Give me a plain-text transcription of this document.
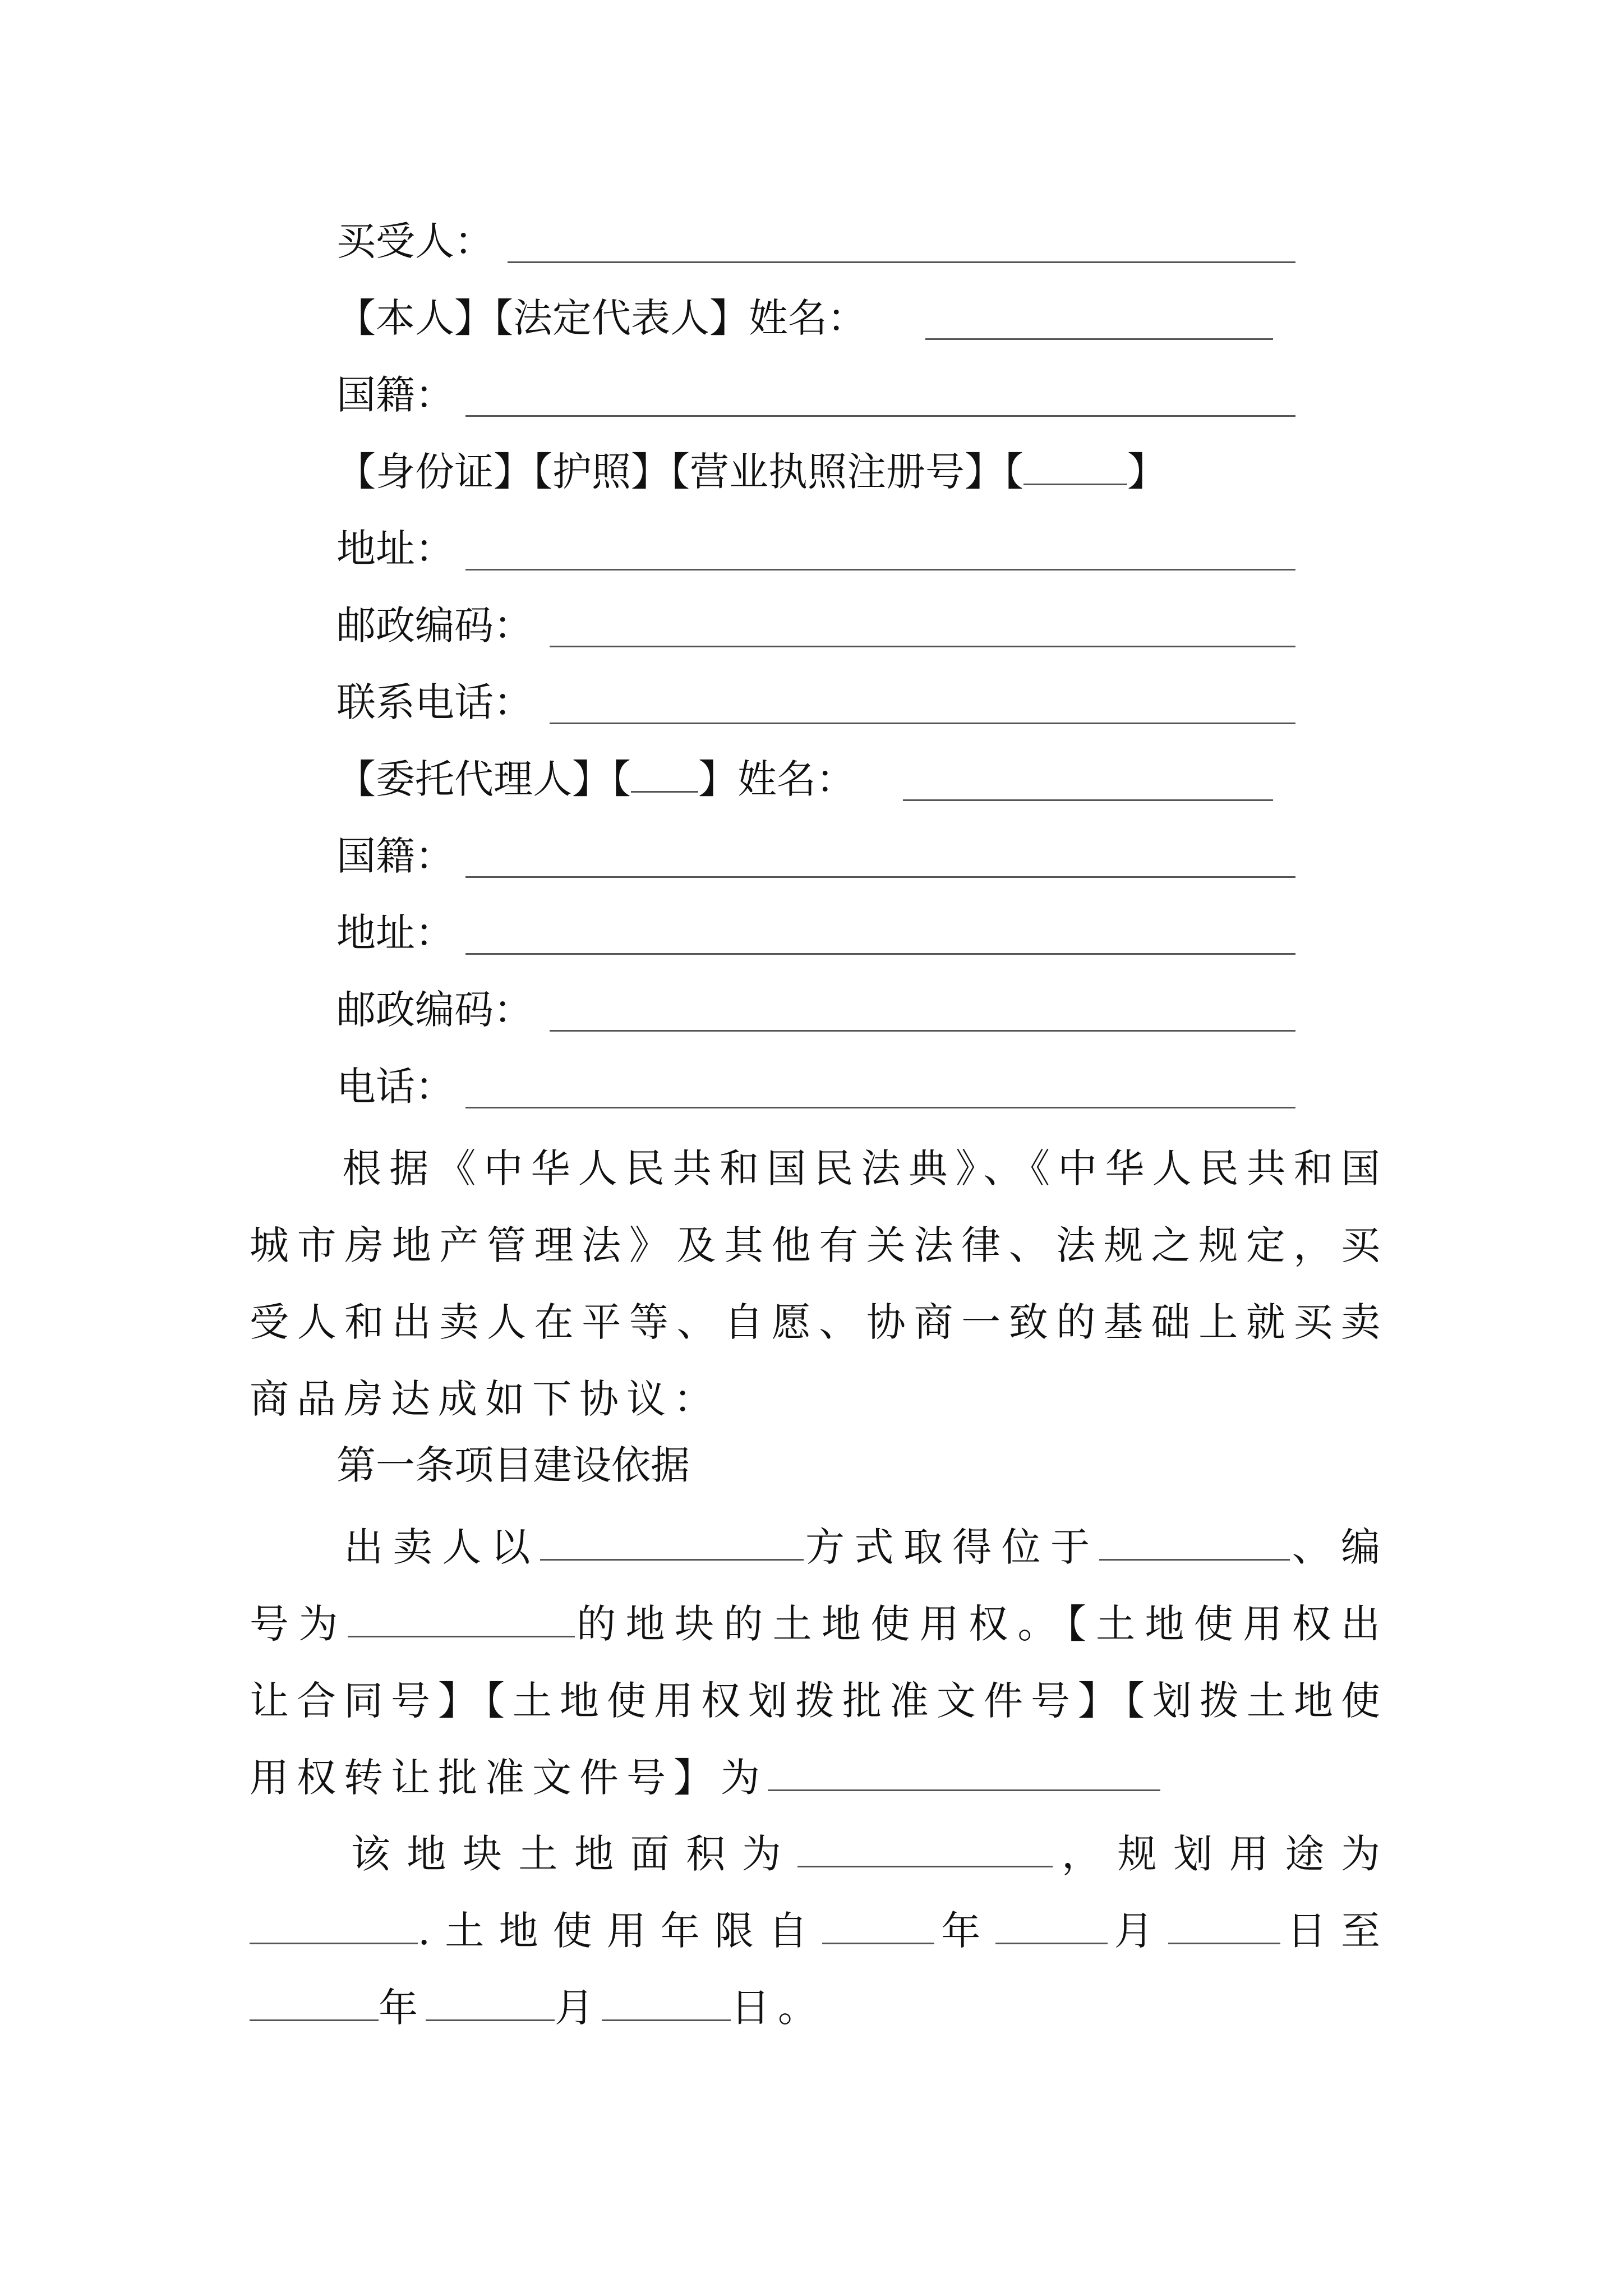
买受人：
【本人】【法定代表人】姓名：
国籍：
【身份证】【护照】【营业执照注册号】【	】
地址：
邮政编码：
联系电话：
【委托代理人】【 】姓名：
国籍：
地址：
邮政编码：
电话：
根据《中华人民共和国民法典》、《中华人民共和国城市房地产管理法》及其他有关法律、法规之规定，买受人和出卖人在平等、自愿、协商一致的基础上就买卖商品房达成如下协议：
第一条项目建设依据
出卖人以	方式取得位于	、编号为	的地块的土地使用权。【土地使用权出让合同号】【土地使用权划拨批准文件号】【划拨土地使用权转让批准文件号】为
该地块土地面积为	，规划用途为.土地使用年限自	年	月	日至年	月	日。
